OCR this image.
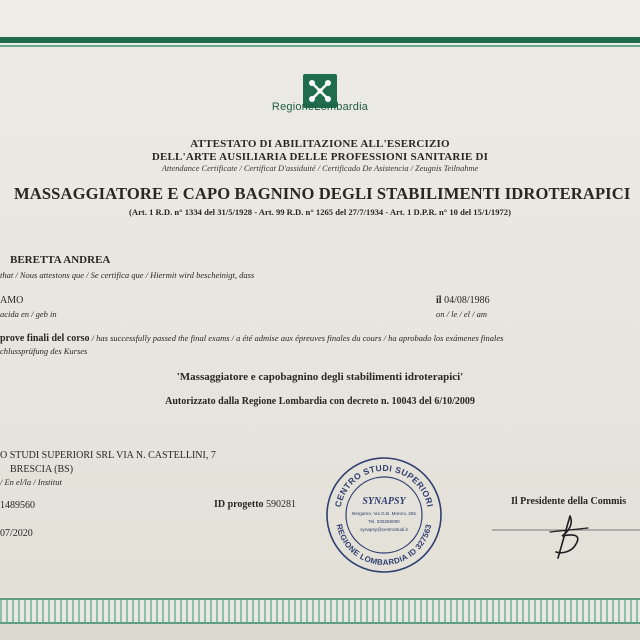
RegioneLombardia
ATTESTATO DI ABILITAZIONE ALL'ESERCIZIO
DELL'ARTE AUSILIARIA DELLE PROFESSIONI SANITARIE DI
Attendance Certificate / Certificat D'assiduité / Certificado De Asistencia / Zeugnis Teilnahme
MASSAGGIATORE E CAPO BAGNINO DEGLI STABILIMENTI IDROTERAPICI
(Art. 1 R.D. n° 1334 del 31/5/1928 - Art. 99 R.D. n° 1265 del 27/7/1934 - Art. 1 D.P.R. n° 10 del 15/1/1972)
BERETTA ANDREA
that / Nous attestons que / Se certifica que / Hiermit wird bescheinigt, dass
AMO
acida en / geb in
il 04/08/1986
on / le / el / am
prove finali del corso / has successfully passed the final exams / a été admise aux épreuves finales du cours / ha aprobado los exámenes finales
chlussprüfung des Kurses
'Massaggiatore e capobagnino degli stabilimenti idroterapici'
Autorizzato dalla Regione Lombardia con decreto n. 10043 del 6/10/2009
O STUDI SUPERIORI SRL VIA N. CASTELLINI, 7
BRESCIA (BS)
/ En el/la / Institut
1489560
07/2020
ID progetto 590281	CENTRO STUDI SUPERIORI
REGIONE LOMBARDIA ID 327563
SYNAPSY
Bergamo, Via G.B. Moroni, 255
Tel. 035259090
synapsy@centrostudi.it
Il Presidente della Commis
